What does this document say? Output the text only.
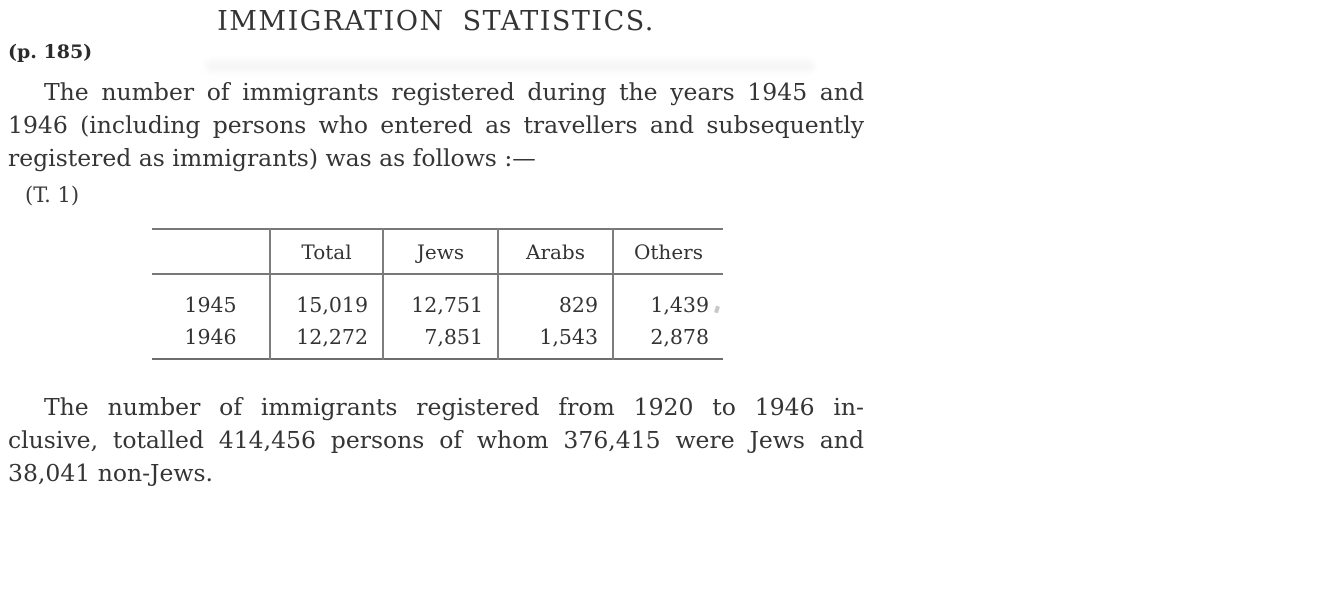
IMMIGRATION STATISTICS.
(p. 185)
The number of immigrants registered during the years 1945 and
1946 (including persons who entered as travellers and subsequently
registered as immigrants) was as follows :—
(T. 1)
	Total	Jews	Arabs	Others
1945	15,019	12,751	829	1,439
1946	12,272	7,851	1,543	2,878
The number of immigrants registered from 1920 to 1946 in-
clusive, totalled 414,456 persons of whom 376,415 were Jews and
38,041 non-Jews.
